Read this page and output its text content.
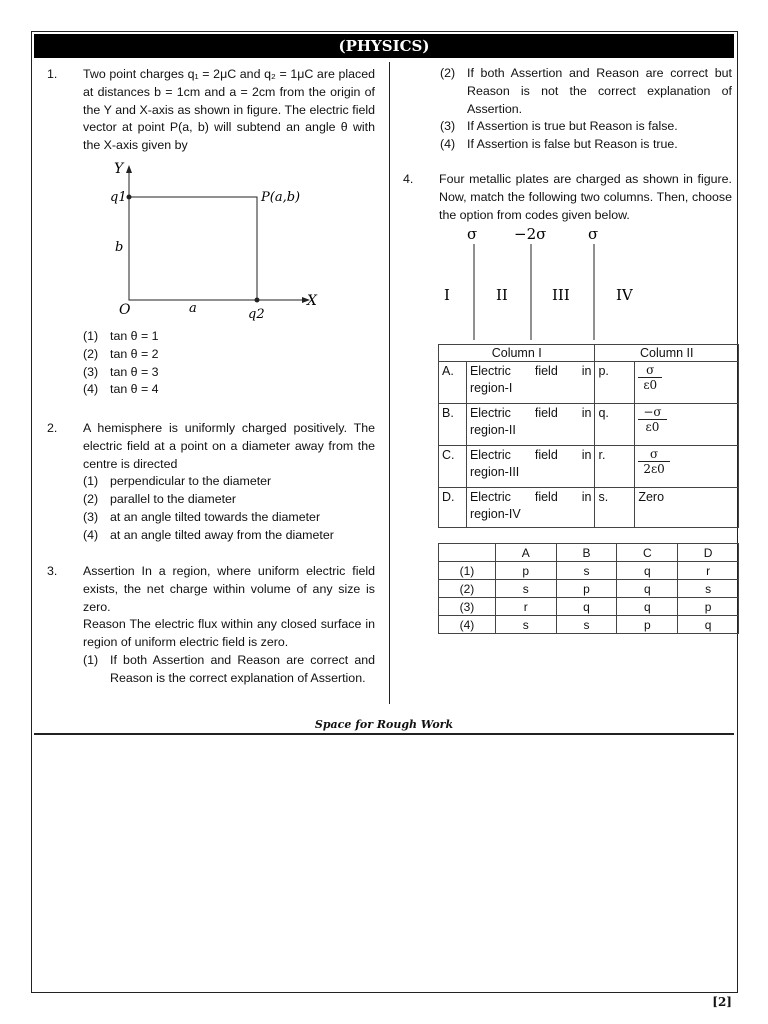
(PHYSICS)
1. Two point charges q₁ = 2μC and q₂ = 1μC are placed at distances b = 1cm and a = 2cm from the origin of the Y and X-axis as shown in figure. The electric field vector at point P(a, b) will subtend an angle θ with the X-axis given by
Y
X
O
q1
q2
P(a,b)
b
a
(1) tan θ = 1
(2) tan θ = 2
(3) tan θ = 3
(4) tan θ = 4
2. A hemisphere is uniformly charged positively. The electric field at a point on a diameter away from the centre is directed
(1) perpendicular to the diameter
(2) parallel to the diameter
(3) at an angle tilted towards the diameter
(4) at an angle tilted away from the diameter
3. Assertion In a region, where uniform electric field exists, the net charge within volume of any size is zero.
Reason The electric flux within any closed surface in region of uniform electric field is zero.
(1) If both Assertion and Reason are correct and Reason is the correct explanation of Assertion.
(2) If both Assertion and Reason are correct but Reason is not the correct explanation of Assertion.
(3) If Assertion is true but Reason is false.
(4) If Assertion is false but Reason is true.
4. Four metallic plates are charged as shown in figure. Now, match the following two columns. Then, choose the option from codes given below.
σ −2σ	σ
I	II	III	IV
Column I		Column II	
A.	Electric field in region-I	p.	$\frac{\sigma}{\varepsilon 0}$

B.	Electric field in region-II	q.	$\frac{-\sigma}{\varepsilon 0}$

C.	Electric field in region-III	r.	$\frac{\sigma}{2\varepsilon 0}$

D.	Electric field in region-IV	s.	Zero
	A	B	C	D
(1)	p	s	q	r
(2)	s	p	q	s
(3)	r	q	q	p
(4)	s	s	p	q
Space for Rough Work
[2]
